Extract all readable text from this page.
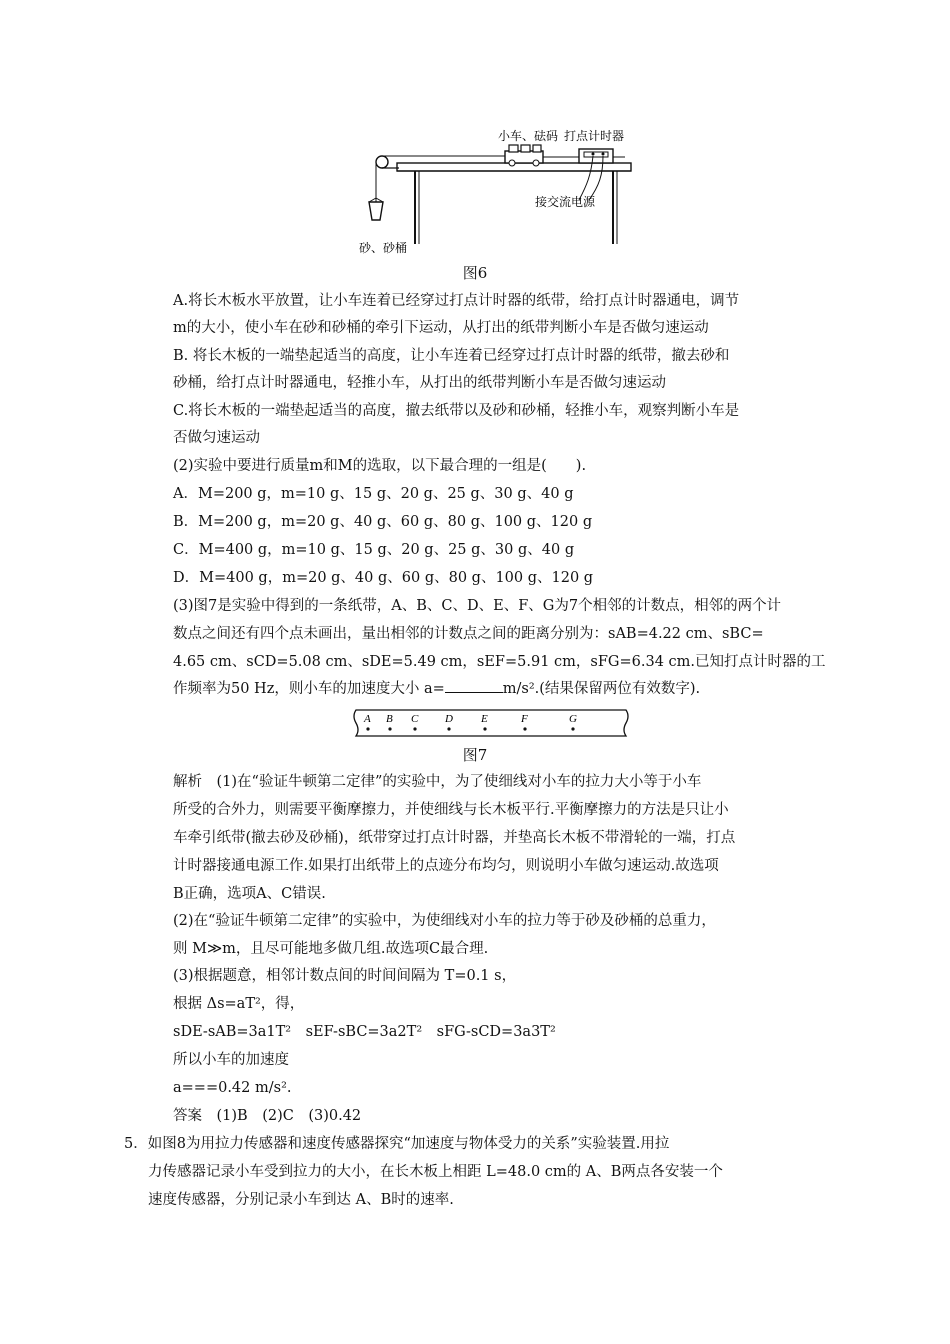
小车、砝码 打点计时器
接交流电源
砂、砂桶
图6
A.将长木板水平放置，让小车连着已经穿过打点计时器的纸带，给打点计时器通电，调节
m的大小，使小车在砂和砂桶的牵引下运动，从打出的纸带判断小车是否做匀速运动
B. 将长木板的一端垫起适当的高度，让小车连着已经穿过打点计时器的纸带，撤去砂和
砂桶，给打点计时器通电，轻推小车，从打出的纸带判断小车是否做匀速运动
C.将长木板的一端垫起适当的高度，撤去纸带以及砂和砂桶，轻推小车，观察判断小车是
否做匀速运动
(2)实验中要进行质量m和M的选取，以下最合理的一组是(　　).
A．M=200 g，m=10 g、15 g、20 g、25 g、30 g、40 g
B．M=200 g，m=20 g、40 g、60 g、80 g、100 g、120 g
C．M=400 g，m=10 g、15 g、20 g、25 g、30 g、40 g
D．M=400 g，m=20 g、40 g、60 g、80 g、100 g、120 g
(3)图7是实验中得到的一条纸带，A、B、C、D、E、F、G为7个相邻的计数点，相邻的两个计
数点之间还有四个点未画出，量出相邻的计数点之间的距离分别为：sAB=4.22 cm、sBC=
4.65 cm、sCD=5.08 cm、sDE=5.49 cm，sEF=5.91 cm，sFG=6.34 cm.已知打点计时器的工
作频率为50 Hz，则小车的加速度大小 a=	m/s².(结果保留两位有效数字).
A B C D	E	F	G
图7
解析　(1)在“验证牛顿第二定律”的实验中，为了使细线对小车的拉力大小等于小车
所受的合外力，则需要平衡摩擦力，并使细线与长木板平行.平衡摩擦力的方法是只让小
车牵引纸带(撤去砂及砂桶)，纸带穿过打点计时器，并垫高长木板不带滑轮的一端，打点
计时器接通电源工作.如果打出纸带上的点迹分布均匀，则说明小车做匀速运动.故选项
B正确，选项A、C错误.
(2)在“验证牛顿第二定律”的实验中，为使细线对小车的拉力等于砂及砂桶的总重力，
则 M≫m，且尽可能地多做几组.故选项C最合理.
(3)根据题意，相邻计数点间的时间间隔为 T=0.1 s，
根据 Δs=aT²，得，
sDE-sAB=3a1T²　sEF-sBC=3a2T²　sFG-sCD=3a3T²
所以小车的加速度
a===0.42 m/s².
答案　(1)B　(2)C　(3)0.42
5．如图8为用拉力传感器和速度传感器探究“加速度与物体受力的关系”实验装置.用拉
力传感器记录小车受到拉力的大小，在长木板上相距 L=48.0 cm的 A、B两点各安装一个
速度传感器，分别记录小车到达 A、B时的速率.
